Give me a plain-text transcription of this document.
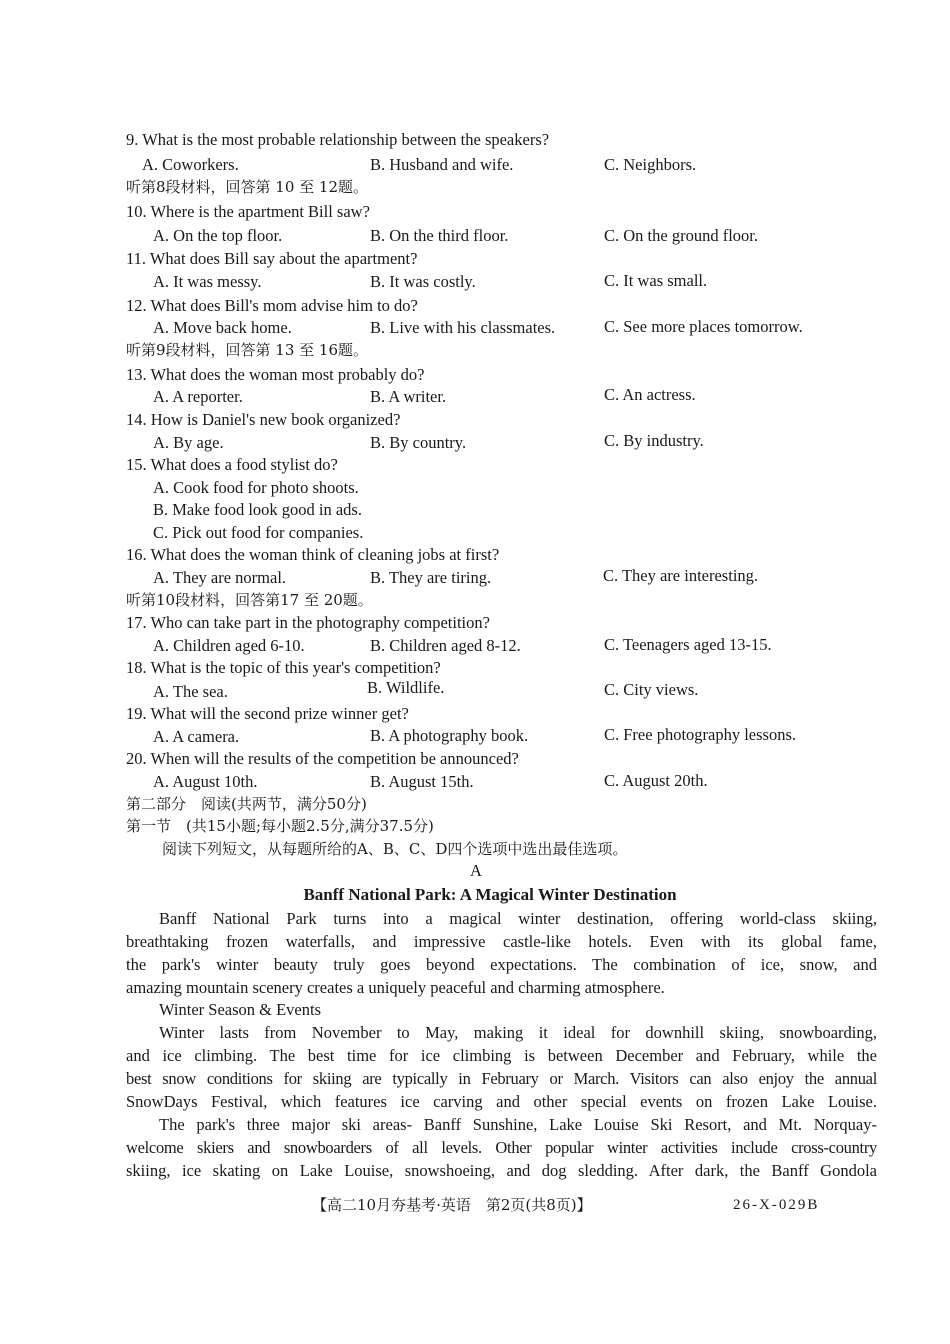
9. What is the most probable relationship between the speakers?
A. Coworkers.	B. Husband and wife.	C. Neighbors.
听第8段材料，回答第 10 至 12题。
10. Where is the apartment Bill saw?
A. On the top floor.	B. On the third floor.	C. On the ground floor.
11. What does Bill say about the apartment?
A. It was messy.	B. It was costly.	C. It was small.
12. What does Bill's mom advise him to do?
A. Move back home.	B. Live with his classmates.	C. See more places tomorrow.
听第9段材料，回答第 13 至 16题。
13. What does the woman most probably do?
A. A reporter.	B. A writer.	C. An actress.
14. How is Daniel's new book organized?
A. By age.	B. By country.	C. By industry.
15. What does a food stylist do?
A. Cook food for photo shoots.
B. Make food look good in ads.
C. Pick out food for companies.
16. What does the woman think of cleaning jobs at first?
A. They are normal.	B. They are tiring.	C. They are interesting.
听第10段材料，回答第17 至 20题。
17. Who can take part in the photography competition?
A. Children aged 6-10.	B. Children aged 8-12.	C. Teenagers aged 13-15.
18. What is the topic of this year's competition?
A. The sea.	B. Wildlife.	C. City views.
19. What will the second prize winner get?
A. A camera.	B. A photography book.	C. Free photography lessons.
20. When will the results of the competition be announced?
A. August 10th.	B. August 15th.	C. August 20th.
第二部分　阅读(共两节，满分50分)
第一节　(共15小题;每小题2.5分,满分37.5分)
阅读下列短文，从每题所给的A、B、C、D四个选项中选出最佳选项。
A
Banff National Park: A Magical Winter Destination
Banff National Park turns into a magical winter destination, offering world-class skiing,
breathtaking frozen waterfalls, and impressive castle-like hotels. Even with its global fame,
the park's winter beauty truly goes beyond expectations. The combination of ice, snow, and
amazing mountain scenery creates a uniquely peaceful and charming atmosphere.
Winter Season & Events
Winter lasts from November to May, making it ideal for downhill skiing, snowboarding,
and ice climbing. The best time for ice climbing is between December and February, while the
best snow conditions for skiing are typically in February or March. Visitors can also enjoy the annual
SnowDays Festival, which features ice carving and other special events on frozen Lake Louise.
The park's three major ski areas- Banff Sunshine, Lake Louise Ski Resort, and Mt. Norquay-
welcome skiers and snowboarders of all levels. Other popular winter activities include cross-country
skiing, ice skating on Lake Louise, snowshoeing, and dog sledding. After dark, the Banff Gondola
【高二10月夯基考·英语　第2页(共8页)】	26-X-029B
